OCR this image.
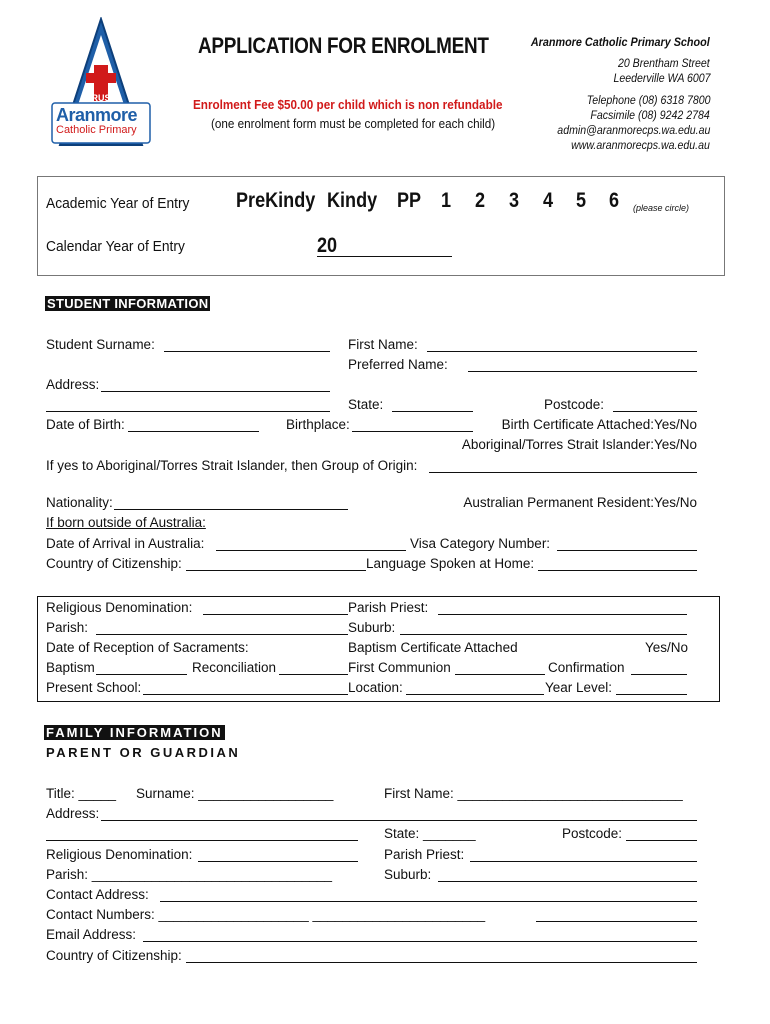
TRUST
Aranmore
Catholic Primary
APPLICATION FOR ENROLMENT
Enrolment Fee $50.00 per child which is non refundable
(one enrolment form must be completed for each child)
Aranmore Catholic Primary School
20 Brentham Street
Leederville WA 6007
Telephone (08) 6318 7800
Facsimile (08) 9242 2784
admin@aranmorecps.wa.edu.au
www.aranmorecps.wa.edu.au
Academic Year of Entry PreKindy Kindy PP 1 2 3 4 5 6 (please circle)
Calendar Year of Entry	20
STUDENT INFORMATION
Student Surname:	First Name:
Preferred Name:
Address:
State:	Postcode:
Date of Birth:	Birthplace:	Birth Certificate Attached:Yes/No
Aboriginal/Torres Strait Islander:Yes/No
If yes to Aboriginal/Torres Strait Islander, then Group of Origin:
Nationality:	Australian Permanent Resident:Yes/No
If born outside of Australia:
Date of Arrival in Australia:	Visa Category Number:
Country of Citizenship:	Language Spoken at Home:
Religious Denomination:	Parish Priest:
Parish:	Suburb:
Date of Reception of Sacraments:	Baptism Certificate Attached	Yes/No
Baptism	Reconciliation	First Communion	Confirmation
Present School:	Location:	Year Level:
FAMILY INFORMATION
PARENT OR GUARDIAN
Title: _____ Surname: __________________	First Name: ______________________________
Address:
State: _______	Postcode:
Religious Denomination:	Parish Priest:
Parish: ________________________________	Suburb:
Contact Address:
Contact Numbers: ____________________ _______________________
Email Address:
Country of Citizenship:
